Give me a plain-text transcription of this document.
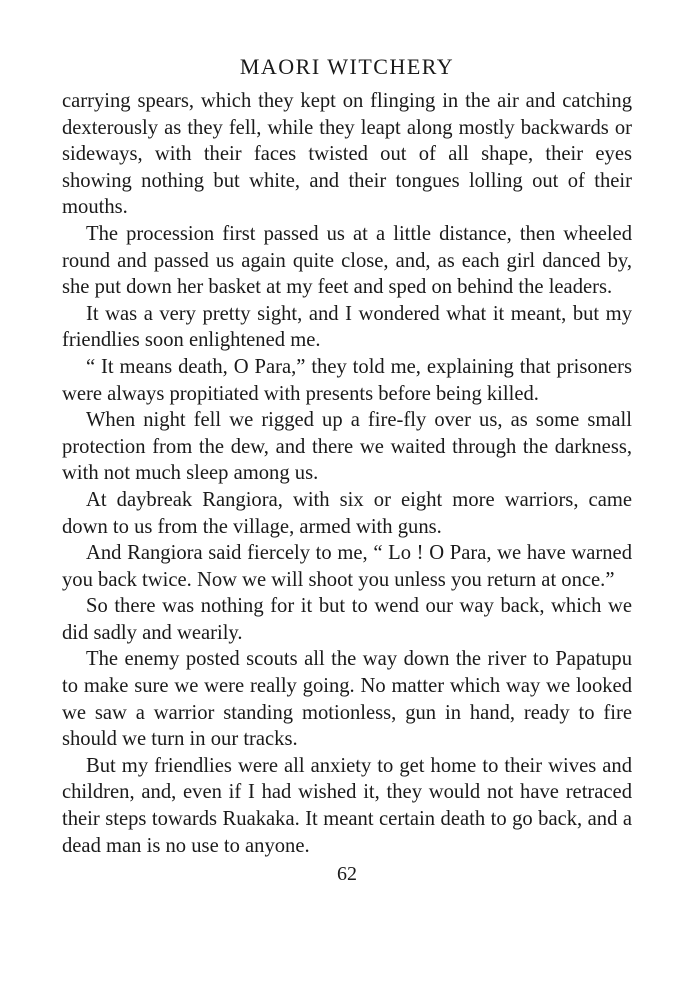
MAORI WITCHERY

carrying spears, which they kept on flinging in the air and catching dexterously as they fell, while they leapt along mostly backwards or sideways, with their faces twisted out of all shape, their eyes showing nothing but white, and their tongues lolling out of their mouths.

The procession first passed us at a little distance, then wheeled round and passed us again quite close, and, as each girl danced by, she put down her basket at my feet and sped on behind the leaders.

It was a very pretty sight, and I wondered what it meant, but my friendlies soon enlightened me.

“ It means death, O Para,” they told me, explaining that prisoners were always propitiated with presents before being killed.

When night fell we rigged up a fire-fly over us, as some small protection from the dew, and there we waited through the darkness, with not much sleep among us.

At daybreak Rangiora, with six or eight more warriors, came down to us from the village, armed with guns.

And Rangiora said fiercely to me, “ Lo ! O Para, we have warned you back twice. Now we will shoot you unless you return at once.”

So there was nothing for it but to wend our way back, which we did sadly and wearily.

The enemy posted scouts all the way down the river to Papatupu to make sure we were really going. No matter which way we looked we saw a warrior standing motionless, gun in hand, ready to fire should we turn in our tracks.

But my friendlies were all anxiety to get home to their wives and children, and, even if I had wished it, they would not have retraced their steps towards Ruakaka. It meant certain death to go back, and a dead man is no use to anyone.

62
